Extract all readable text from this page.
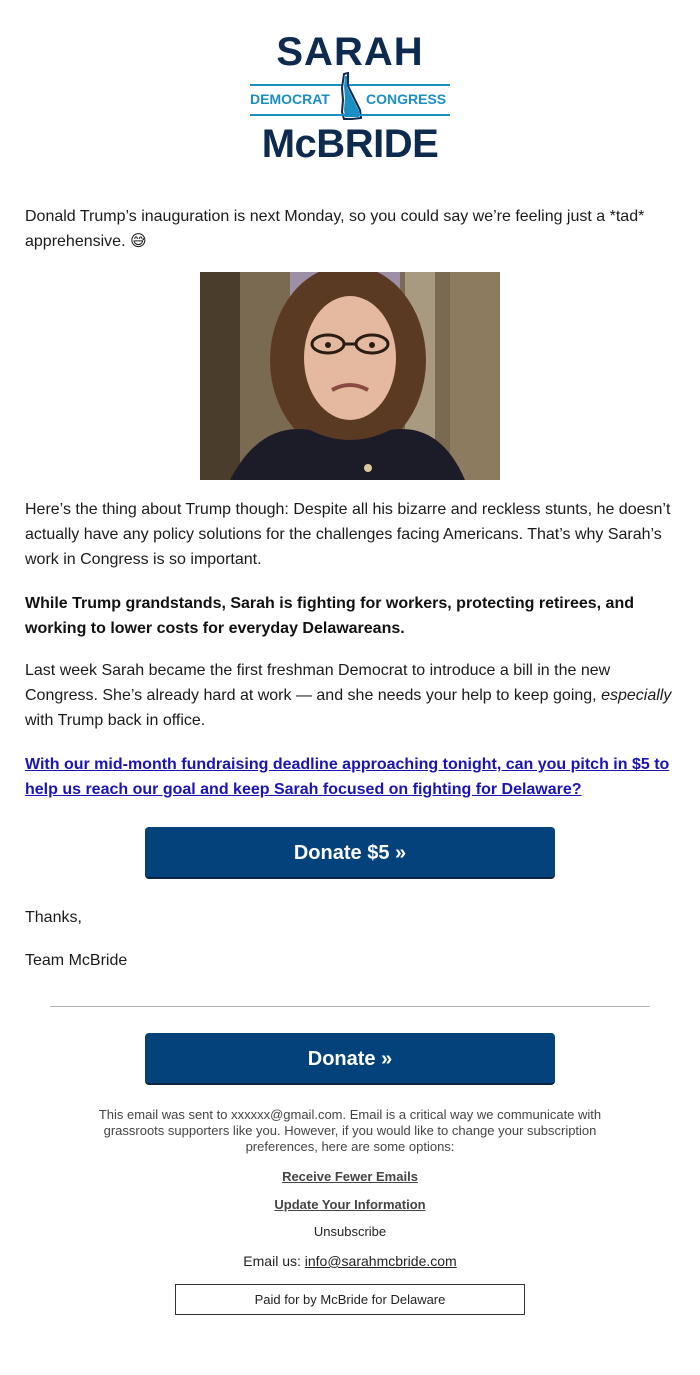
SARAH
DEMOCRAT	CONGRESS
McBRIDE

Donald Trump’s inauguration is next Monday, so you could say we’re feeling just a *tad* apprehensive. 😅

Here’s the thing about Trump though: Despite all his bizarre and reckless stunts, he doesn’t actually have any policy solutions for the challenges facing Americans. That’s why Sarah’s work in Congress is so important.

While Trump grandstands, Sarah is fighting for workers, protecting retirees, and working to lower costs for everyday Delawareans.

Last week Sarah became the first freshman Democrat to introduce a bill in the new Congress. She’s already hard at work — and she needs your help to keep going, especially with Trump back in office.

With our mid-month fundraising deadline approaching tonight, can you pitch in $5 to help us reach our goal and keep Sarah focused on fighting for Delaware?
Donate $5 »

Thanks,

Team McBride

Donate »
This email was sent to xxxxxx@gmail.com. Email is a critical way we communicate with grassroots supporters like you. However, if you would like to change your subscription preferences, here are some options:
Receive Fewer Emails
Update Your Information
Unsubscribe
Email us: info@sarahmcbride.com
Paid for by McBride for Delaware
